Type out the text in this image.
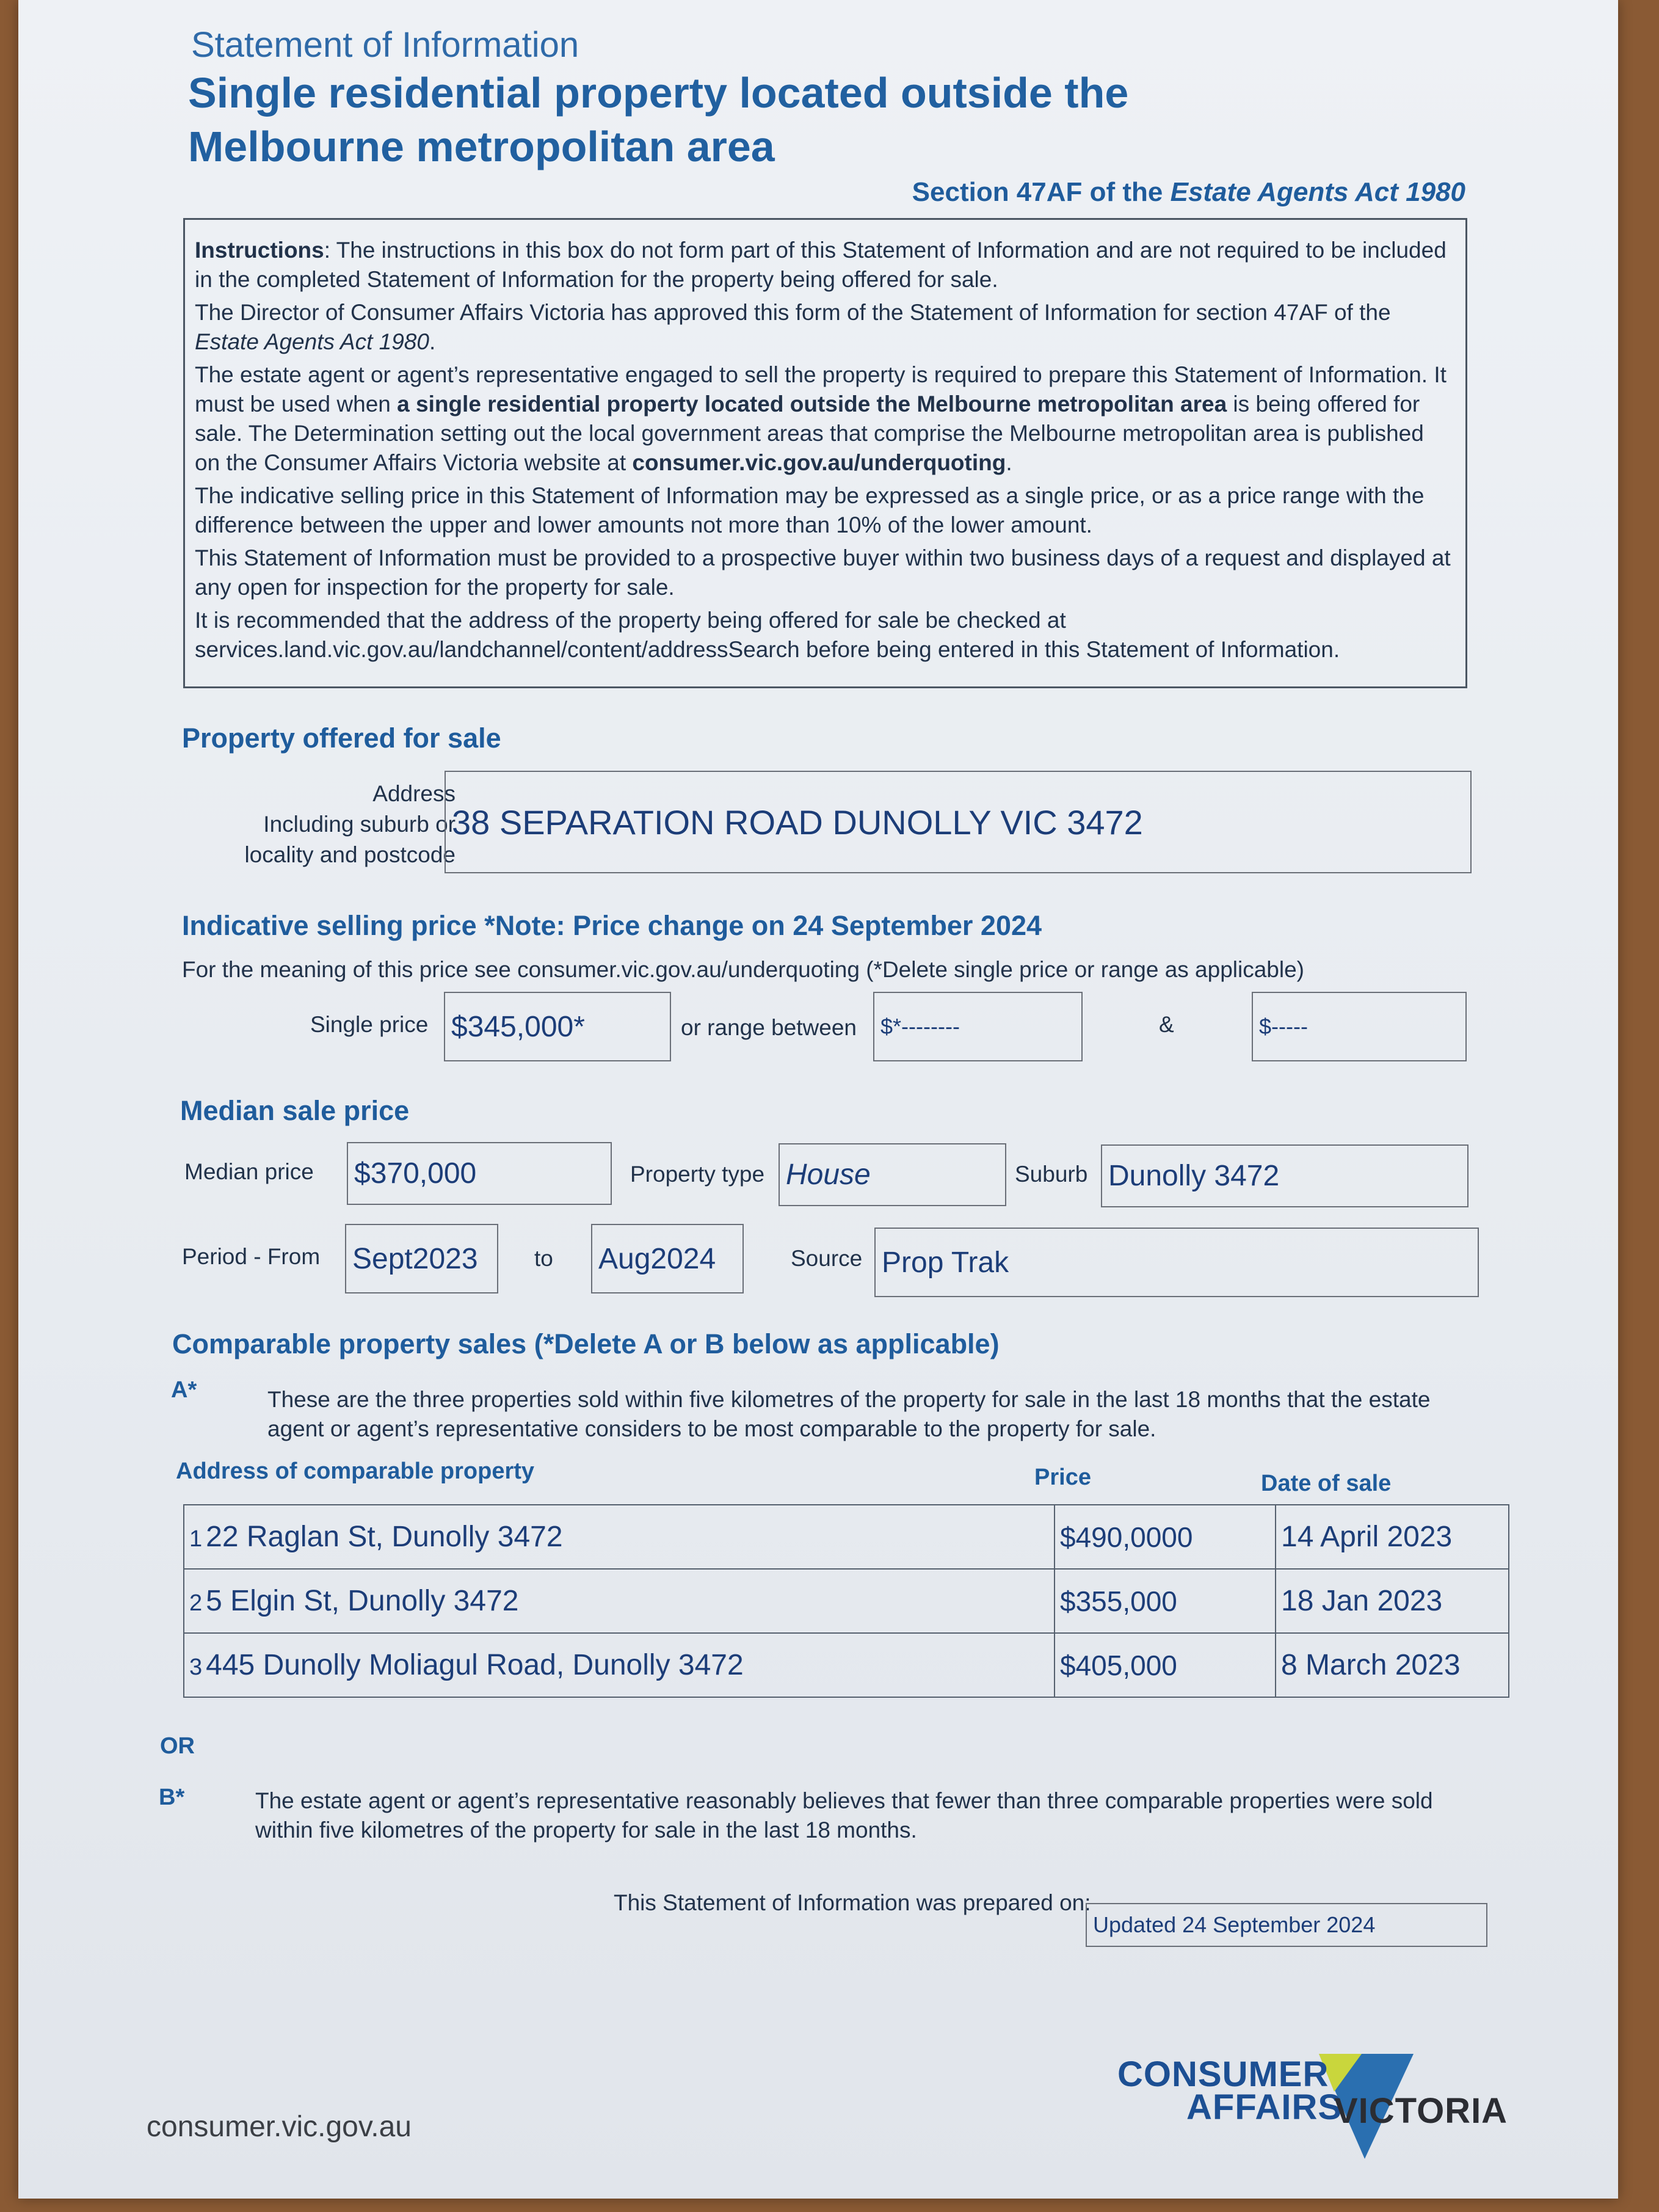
Statement of Information
Single residential property located outside the
Melbourne metropolitan area
Section 47AF of the Estate Agents Act 1980

Instructions: The instructions in this box do not form part of this Statement of Information and are not required to be included in the completed Statement of Information for the property being offered for sale.

The Director of Consumer Affairs Victoria has approved this form of the Statement of Information for section 47AF of the Estate Agents Act 1980.

The estate agent or agent’s representative engaged to sell the property is required to prepare this Statement of Information. It must be used when a single residential property located outside the Melbourne metropolitan area is being offered for sale. The Determination setting out the local government areas that comprise the Melbourne metropolitan area is published on the Consumer Affairs Victoria website at consumer.vic.gov.au/underquoting.

The indicative selling price in this Statement of Information may be expressed as a single price, or as a price range with the difference between the upper and lower amounts not more than 10% of the lower amount.

This Statement of Information must be provided to a prospective buyer within two business days of a request and displayed at any open for inspection for the property for sale.

It is recommended that the address of the property being offered for sale be checked at services.land.vic.gov.au/landchannel/content/addressSearch before being entered in this Statement of Information.

Property offered for sale
Address
Including suburb or
locality and postcode
38 SEPARATION ROAD DUNOLLY VIC 3472
Indicative selling price *Note: Price change on 24 September 2024
For the meaning of this price see consumer.vic.gov.au/underquoting (*Delete single price or range as applicable)
Single price $345,000*	or range between	$*--------	&	$-----
Median sale price
Median price $370,000	Property type House	Suburb Dunolly 3472
Period - From Sept2023	to Aug2024	Source Prop Trak
Comparable property sales (*Delete A or B below as applicable)
A*	These are the three properties sold within five kilometres of the property for sale in the last 18 months that the estate agent or agent’s representative considers to be most comparable to the property for sale.
Address of comparable property	Price	Date of sale
1 22 Raglan St, Dunolly 3472	$490,0000	14 April 2023
2 5 Elgin St, Dunolly 3472	$355,000	18 Jan 2023
3 445 Dunolly Moliagul Road, Dunolly 3472	$405,000	8 March 2023
OR
B*	The estate agent or agent’s representative reasonably believes that fewer than three comparable properties were sold within five kilometres of the property for sale in the last 18 months.
This Statement of Information was prepared on:
Updated 24 September 2024
CONSUMER
AFFAIRS
VICTORIA
consumer.vic.gov.au
